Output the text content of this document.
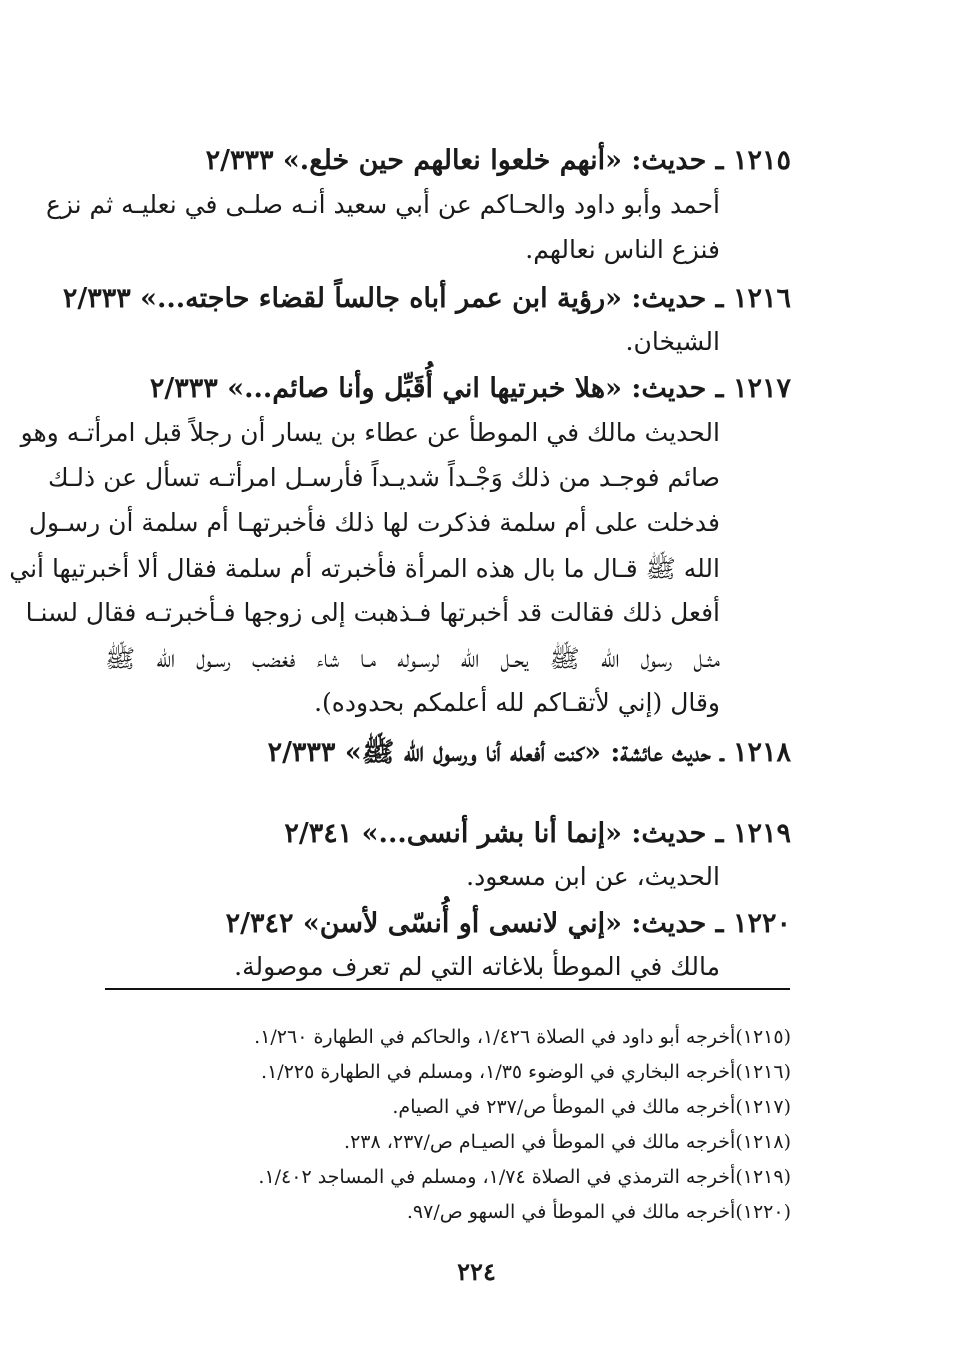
١٢١٥ ـ حديث: «أنهم خلعوا نعالهم حين خلع.» ٢/٣٣٣
أحمد وأبو داود والحـاكم عن أبي سعيد أنـه صلـى في نعليـه ثم نزع
فنزع الناس نعالهم.
١٢١٦ ـ حديث: «رؤية ابن عمر أباه جالساً لقضاء حاجته...» ٢/٣٣٣
الشيخان.
١٢١٧ ـ حديث: «هلا خبرتيها اني أُقَبِّل وأنا صائم...» ٢/٣٣٣
الحديث مالك في الموطأ عن عطاء بن يسار أن رجلاً قبل امرأتـه وهو
صائم فوجـد من ذلك وَجْـداً شديـداً فأرسـل امرأتـه تسأل عن ذلـك
فدخلت على أم سلمة فذكرت لها ذلك فأخبرتهـا أم سلمة أن رسـول
الله ﷺ قـال ما بال هذه المرأة فأخبرته أم سلمة فقال ألا أخبرتيها أني
أفعل ذلك فقالت قد أخبرتها فـذهبت إلى زوجها فـأخبرتـه فقال لسنـا
مثـل رسول الله ﷺ يحـل الله لرسـوله مـا شاء فغضب رسـول الله ﷺ
وقال (إني لأتقـاكم لله أعلمكم بحدوده).
١٢١٨ ـ حديث عائشة: «كنت أفعله أنا ورسول الله ﷺ» ٢/٣٣٣
١٢١٩ ـ حديث: «إنما أنا بشر أنسى...» ٢/٣٤١
الحديث، عن ابن مسعود.
١٢٢٠ ـ حديث: «إني لانسى أو أُنسّى لأسن» ٢/٣٤٢
مالك في الموطأ بلاغاته التي لم تعرف موصولة.
(١٢١٥)أخرجه أبو داود في الصلاة ١/٤٢٦، والحاكم في الطهارة ١/٢٦٠.
(١٢١٦)أخرجه البخاري في الوضوء ١/٣٥، ومسلم في الطهارة ١/٢٢٥.
(١٢١٧)أخرجه مالك في الموطأ ص/٢٣٧ في الصيام.
(١٢١٨)أخرجه مالك في الموطأ في الصيـام ص/٢٣٧، ٢٣٨.
(١٢١٩)أخرجه الترمذي في الصلاة ١/٧٤، ومسلم في المساجد ١/٤٠٢.
(١٢٢٠)أخرجه مالك في الموطأ في السهو ص/٩٧.
٢٢٤
